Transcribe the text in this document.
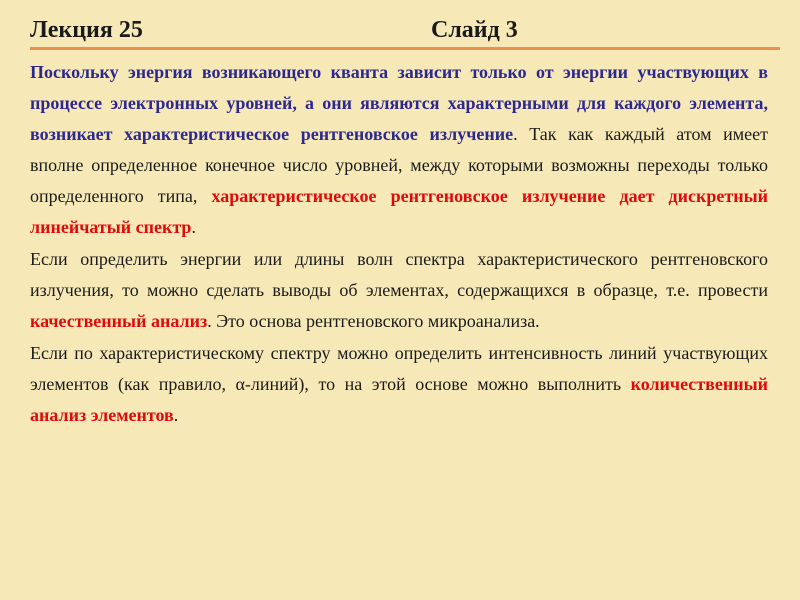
Лекция 25	Слайд 3

Поскольку энергия возникающего кванта зависит только от энергии участвующих в процессе электронных уровней, а они являются характерными для каждого элемента, возникает характеристическое рентгеновское излучение. Так как каждый атом имеет вполне определенное конечное число уровней, между которыми возможны переходы только определенного типа, характеристическое рентгеновское излучение дает дискретный линейчатый спектр.

Если определить энергии или длины волн спектра характеристического рентгеновского излучения, то можно сделать выводы об элементах, содержащихся в образце, т.е. провести качественный анализ. Это основа рентгеновского микроанализа.

Если по характеристическому спектру можно определить интенсивность линий участвующих элементов (как правило, α-линий), то на этой основе можно выполнить количественный анализ элементов.
